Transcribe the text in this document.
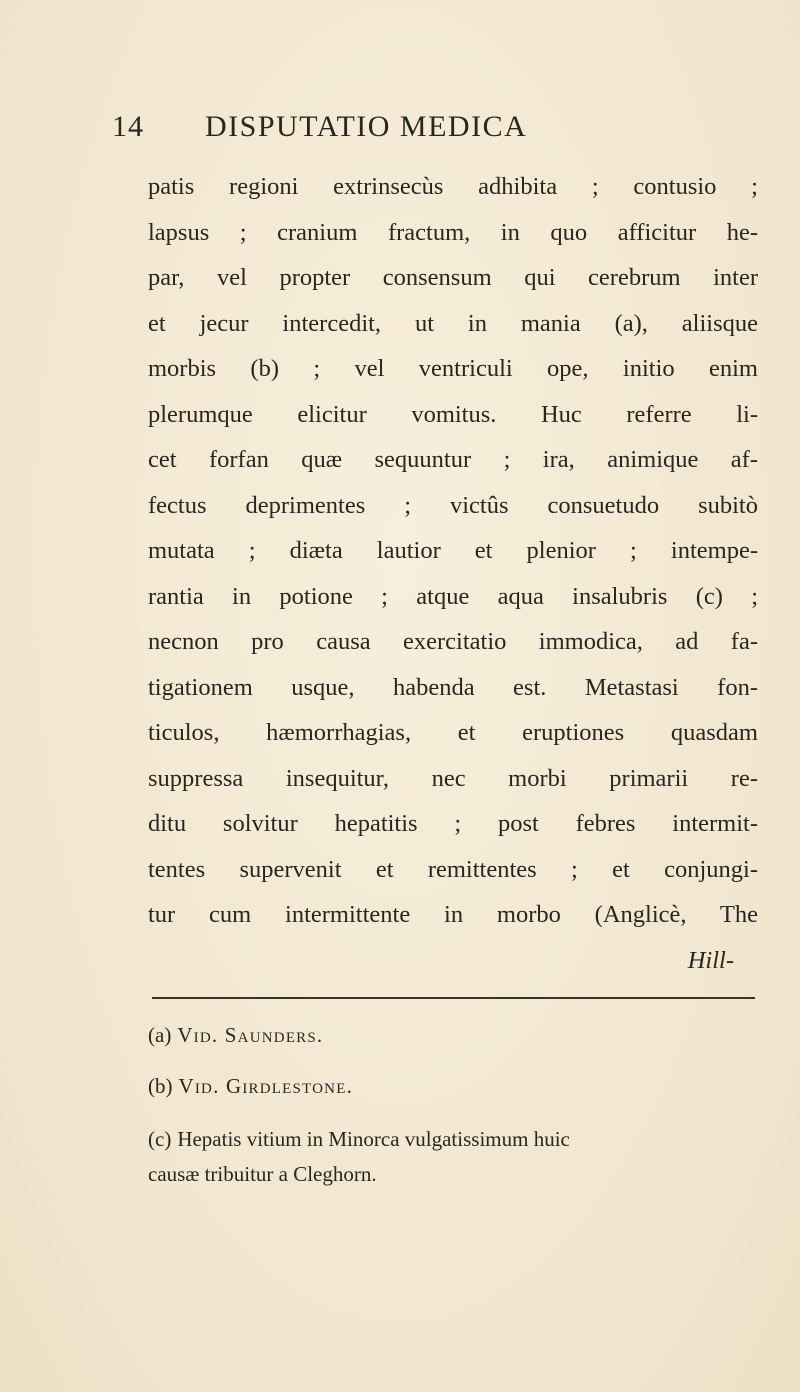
14 DISPUTATIO MEDICA
patis regioni extrinsecùs adhibita ; contusio ;
lapsus ; cranium fractum, in quo afficitur he-
par, vel propter consensum qui cerebrum inter
et jecur intercedit, ut in mania (a), aliisque
morbis (b) ; vel ventriculi ope, initio enim
plerumque elicitur vomitus. Huc referre li-
cet forfan quæ sequuntur ; ira, animique af-
fectus deprimentes ; victûs consuetudo subitò
mutata ; diæta lautior et plenior ; intempe-
rantia in potione ; atque aqua insalubris (c) ;
necnon pro causa exercitatio immodica, ad fa-
tigationem usque, habenda est. Metastasi fon-
ticulos, hæmorrhagias, et eruptiones quasdam
suppressa insequitur, nec morbi primarii re-
ditu solvitur hepatitis ; post febres intermit-
tentes supervenit et remittentes ; et conjungi-
tur cum intermittente in morbo (Anglicè, The
Hill-
(a) Vid. Saunders.
(b) Vid. Girdlestone.
(c) Hepatis vitium in Minorca vulgatissimum huic
causæ tribuitur a Cleghorn.
